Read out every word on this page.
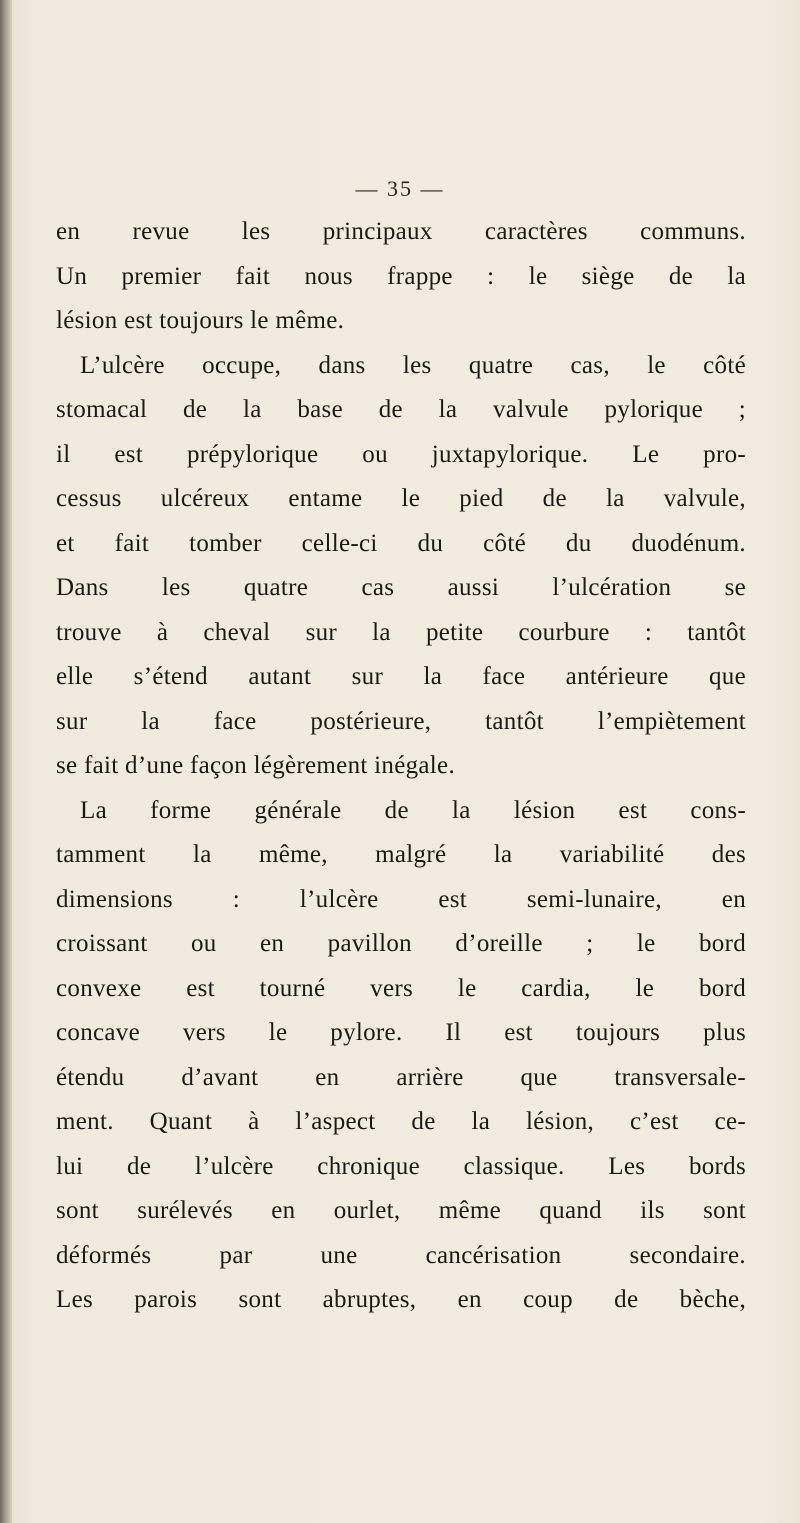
— 35 —
en revue les principaux caractères communs.
Un premier fait nous frappe : le siège de la
lésion est toujours le même.
L’ulcère occupe, dans les quatre cas, le côté
stomacal de la base de la valvule pylorique ;
il est prépylorique ou juxtapylorique. Le pro-
cessus ulcéreux entame le pied de la valvule,
et fait tomber celle-ci du côté du duodénum.
Dans les quatre cas aussi l’ulcération se
trouve à cheval sur la petite courbure : tantôt
elle s’étend autant sur la face antérieure que
sur la face postérieure, tantôt l’empiètement
se fait d’une façon légèrement inégale.
La forme générale de la lésion est cons-
tamment la même, malgré la variabilité des
dimensions : l’ulcère est semi-lunaire, en
croissant ou en pavillon d’oreille ; le bord
convexe est tourné vers le cardia, le bord
concave vers le pylore. Il est toujours plus
étendu d’avant en arrière que transversale-
ment. Quant à l’aspect de la lésion, c’est ce-
lui de l’ulcère chronique classique. Les bords
sont surélevés en ourlet, même quand ils sont
déformés par une cancérisation secondaire.
Les parois sont abruptes, en coup de bèche,
